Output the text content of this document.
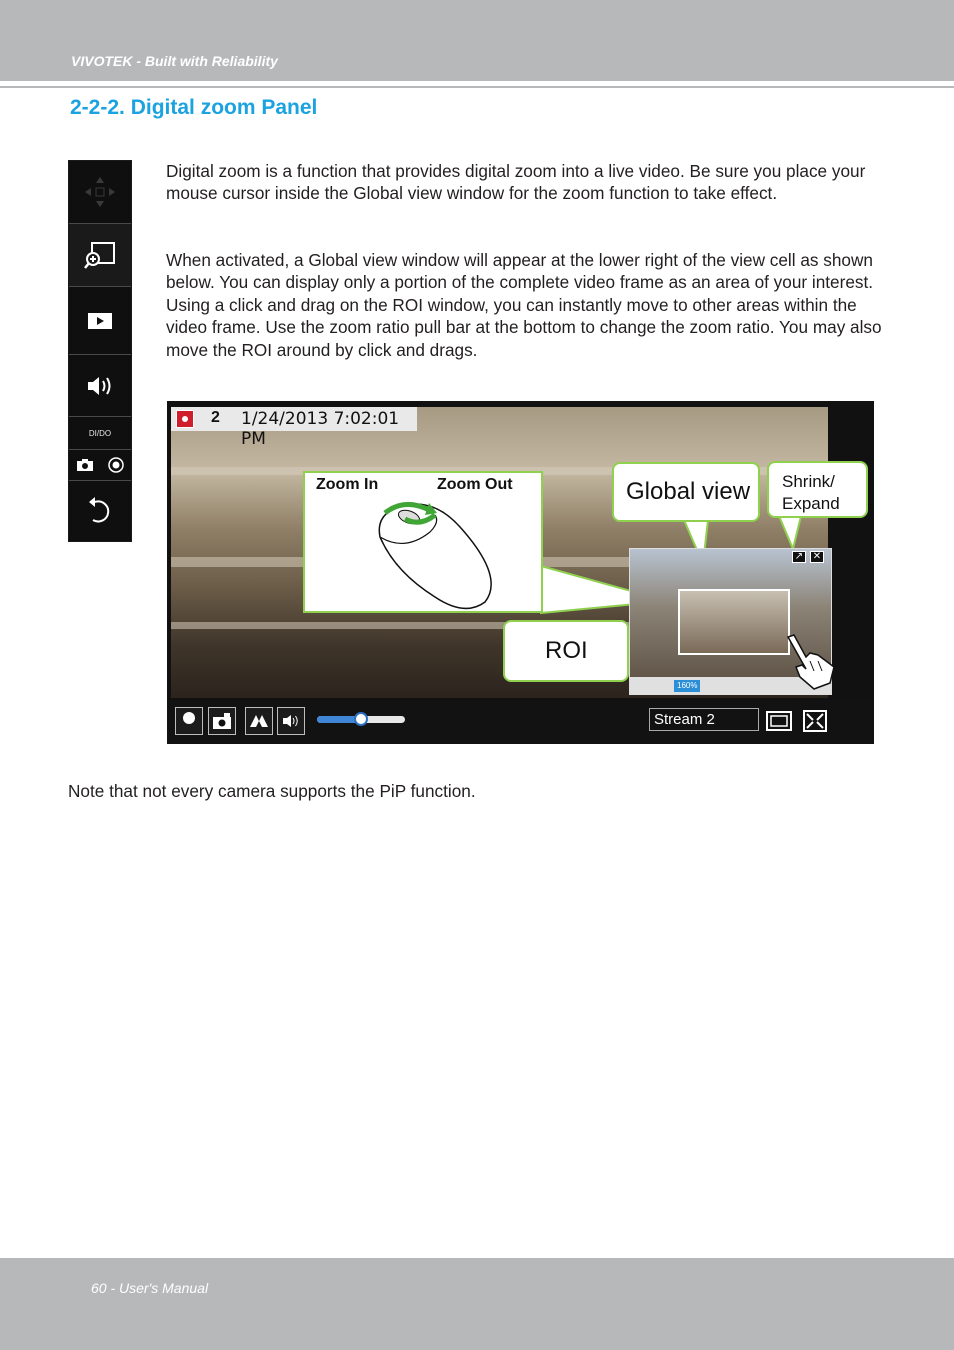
VIVOTEK - Built with Reliability
2-2-2. Digital zoom Panel
DI/DO

Digital zoom is a function that provides digital zoom into a live video. Be sure you place your mouse cursor inside the Global view window for the zoom function to take effect.

When activated, a Global view window will appear at the lower right of the view cell as shown below. You can display only a portion of the complete video frame as an area of your interest. Using a click and drag on the ROI window, you can instantly move to other areas within the video frame. Use the zoom ratio pull bar at the bottom to change the zoom ratio. You may also move the ROI around by click and drags.

2 1/24/2013 7:02:01 PM
Zoom In	Zoom Out
↗ ✕
160%
Global view Shrink/
Expand
ROI
Stream 2
Note that not every camera supports the PiP function.
60 - User's Manual
